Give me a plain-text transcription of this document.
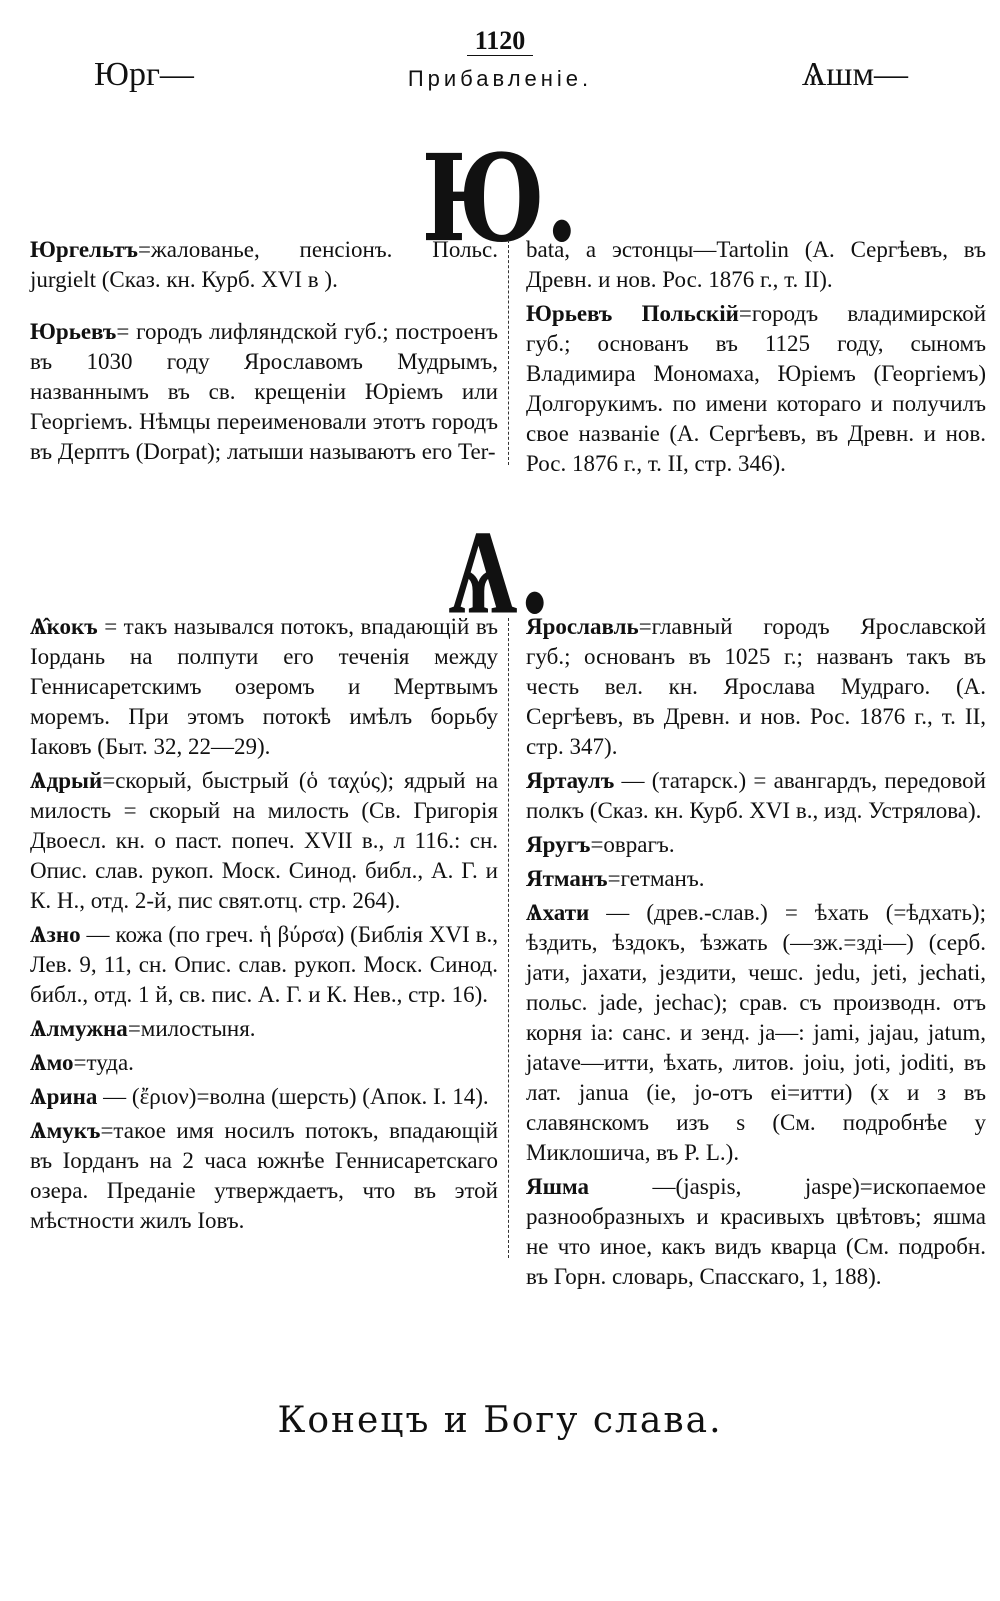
Юрг—
1120
Прибавленіе.	Ѧшм—
Ю.

Юргельтъ=жалованье, пенсіонъ. Польс. jurgielt (Сказ. кн. Курб. XVI в ).

Юрьевъ= городъ лифляндской губ.; построенъ въ 1030 году Ярославомъ Мудрымъ, названнымъ въ св. крещеніи Юріемъ или Георгіемъ. Нѣмцы переименовали этотъ городъ въ Дерптъ (Dorpat); латыши называютъ его Ter-

bata, а эстонцы—Tartolin (А. Сергѣевъ, въ Древн. и нов. Рос. 1876 г., т. II).

Юрьевъ Польскій=городъ владимирской губ.; основанъ въ 1125 году, сыномъ Владимира Мономаха, Юріемъ (Георгіемъ) Долгорукимъ. по имени котораго и получилъ свое названіе (А. Сергѣевъ, въ Древн. и нов. Рос. 1876 г., т. II, стр. 346).

Ѧ.

Ѧ̂кокъ = такъ назывался потокъ, впадающій въ Іордань на полпути его теченія между Геннисаретскимъ озеромъ и Мертвымъ моремъ. При этомъ потокѣ имѣлъ борьбу Іаковъ (Быт. 32, 22—29).

Ѧдрый=скорый, быстрый (ὁ ταχύς); ядрый на милость = скорый на милость (Св. Григорія Двоесл. кн. о паст. попеч. XVII в., л 116.: сн. Опис. слав. рукоп. Моск. Синод. библ., А. Г. и К. Н., отд. 2-й, пис свят.отц. стр. 264).

Ѧзно — кожа (по греч. ἡ βύρσα) (Библія XVI в., Лев. 9, 11, сн. Опис. слав. рукоп. Моск. Синод. библ., отд. 1 й, св. пис. А. Г. и К. Нев., стр. 16).

Ѧлмужна=милостыня.

Ѧмо=туда.

Ѧрина — (ἔριον)=волна (шерсть) (Апок. I. 14).

Ѧмукъ=такое имя носилъ потокъ, впадающій въ Іорданъ на 2 часа южнѣе Геннисаретскаго озера. Преданіе утверждаетъ, что въ этой мѣстности жилъ Іовъ.

Ярославль=главный городъ Ярославской губ.; основанъ въ 1025 г.; названъ такъ въ честь вел. кн. Ярослава Мудраго. (А. Сергѣевъ, въ Древн. и нов. Рос. 1876 г., т. II, стр. 347).

Яртаулъ — (татарск.) = авангардъ, передовой полкъ (Сказ. кн. Курб. XVI в., изд. Устрялова).

Яругъ=оврагъ.

Ятманъ=гетманъ.

Ѧхати — (древ.-слав.) = ѣхать (=ѣдхать); ѣздить, ѣздокъ, ѣзжать (—зж.=зді—) (серб. jати, jахати, jездити, чешс. jedu, jeti, jechati, польс. jade, jechac); срав. съ производн. отъ корня ia: санс. и зенд. ja—: jami, jajau, jatum, jatave—итти, ѣхать, литов. joiu, joti, joditi, въ лат. janua (ie, jo-отъ ei=итти) (x и з въ славянскомъ изъ s (См. подробнѣе у Миклошича, въ P. L.).

Яшма —(jaspis, jaspe)=ископаемое разнообразныхъ и красивыхъ цвѣтовъ; яшма не что иное, какъ видъ кварца (См. подробн. въ Горн. словарь, Спасскаго, 1, 188).

Конецъ и Богу слава.
